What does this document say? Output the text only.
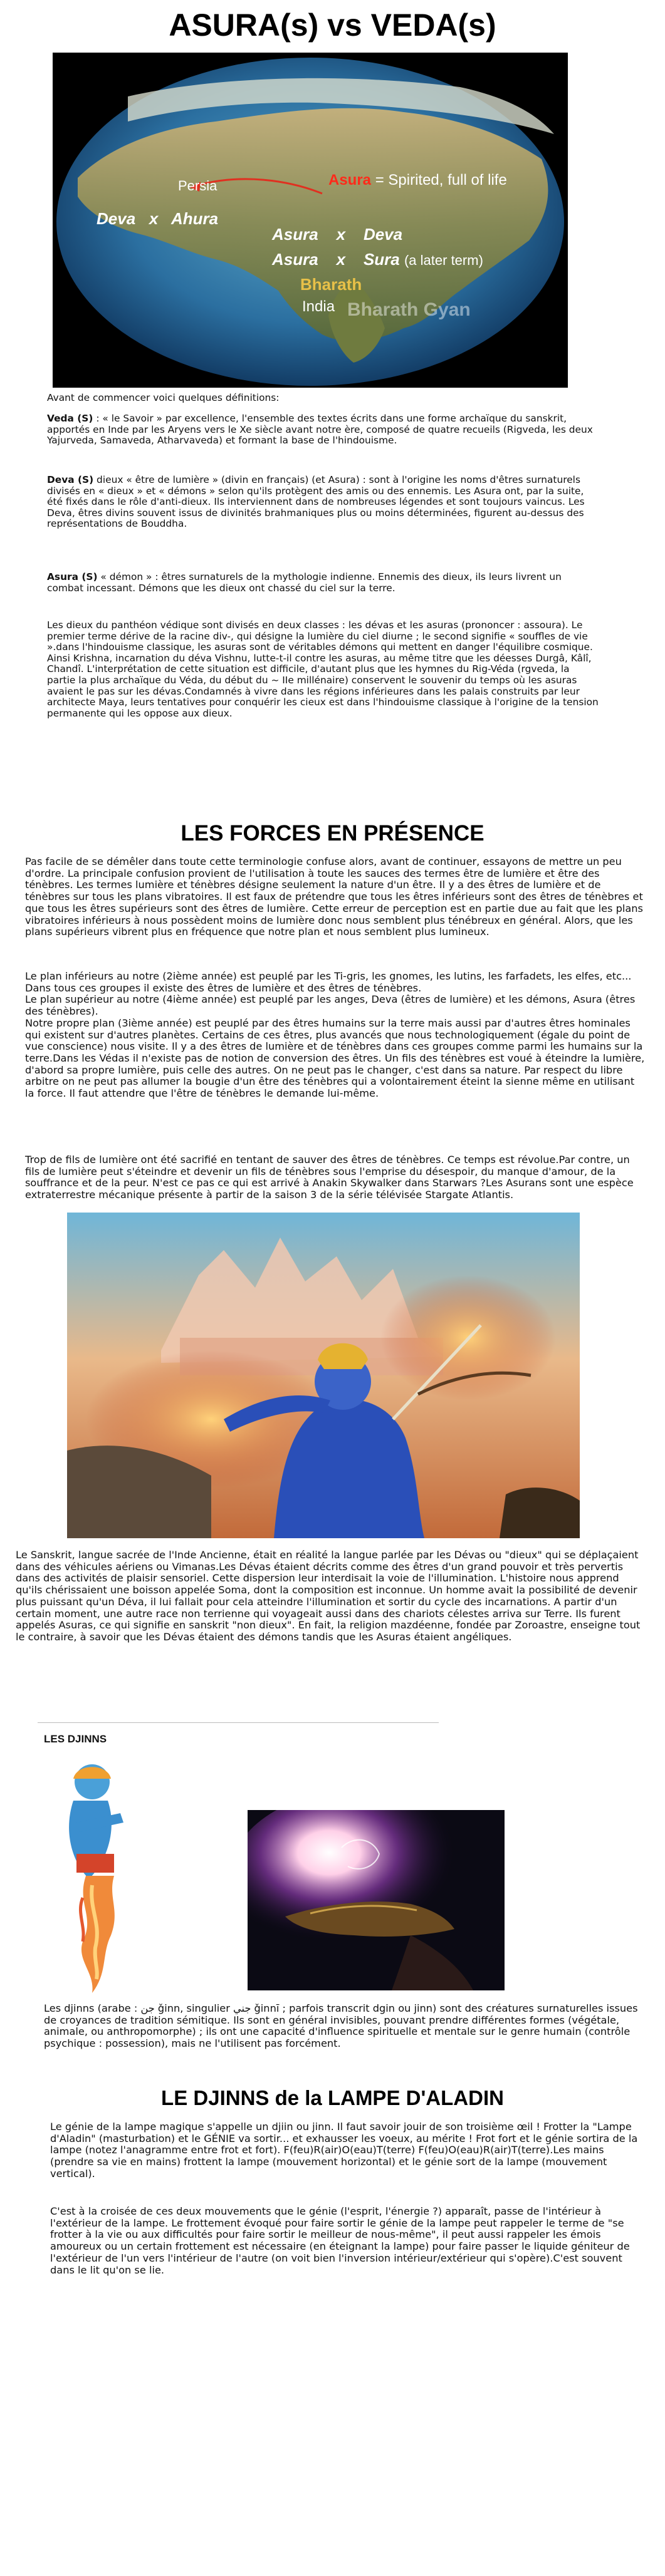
ASURA(s) vs VEDA(s)
Persia	Asura = Spirited, full of life
Deva   x   Ahura
Asura    x    Deva
Asura    x    Sura (a later term)
Bharath
India Bharath Gyan

Avant de commencer voici quelques définitions:

Veda (S) : « le Savoir » par excellence, l'ensemble des textes écrits dans une forme archaïque du sanskrit, apportés en Inde par les Aryens vers le Xe siècle avant notre ère, composé de quatre recueils (Rigveda, les deux Yajurveda, Samaveda, Atharvaveda) et formant la base de l'hindouisme.

Deva (S) dieux « être de lumière » (divin en français) (et Asura) : sont à l'origine les noms d'êtres surnaturels divisés en « dieux » et « démons » selon qu'ils protègent des amis ou des ennemis. Les Asura ont, par la suite, été fixés dans le rôle d'anti-dieux. Ils interviennent dans de nombreuses légendes et sont toujours vaincus. Les Deva, êtres divins souvent issus de divinités brahmaniques plus ou moins déterminées, figurent au-dessus des représentations de Bouddha.

Asura (S) « démon » : êtres surnaturels de la mythologie indienne. Ennemis des dieux, ils leurs livrent un combat incessant. Démons que les dieux ont chassé du ciel sur la terre.

Les dieux du panthéon védique sont divisés en deux classes : les dévas et les asuras (prononcer : assoura). Le premier terme dérive de la racine div-, qui désigne la lumière du ciel diurne ; le second signifie « souffles de vie ».dans l'hindouisme classique, les asuras sont de véritables démons qui mettent en danger l'équilibre cosmique. Ainsi Krishna, incarnation du déva Vishnu, lutte-t-il contre les asuras, au même titre que les déesses Durgâ, Kâlî, Chandî. L'interprétation de cette situation est difficile, d'autant plus que les hymnes du Rig-Véda (rgveda, la partie la plus archaïque du Véda, du début du ~ IIe millénaire) conservent le souvenir du temps où les asuras avaient le pas sur les dévas.Condamnés à vivre dans les régions inférieures dans les palais construits par leur architecte Maya, leurs tentatives pour conquérir les cieux est dans l'hindouisme classique à l'origine de la tension permanente qui les oppose aux dieux.

LES FORCES EN PRÉSENCE

Pas facile de se démêler dans toute cette terminologie confuse alors, avant de continuer, essayons de mettre un peu d'ordre. La principale confusion provient de l'utilisation à toute les sauces des termes être de lumière et être des ténèbres. Les termes lumière et ténèbres désigne seulement la nature d'un être. Il y a des êtres de lumière et de ténèbres sur tous les plans vibratoires. Il est faux de prétendre que tous les êtres inférieurs sont des êtres de ténèbres et que tous les êtres supérieurs sont des êtres de lumière. Cette erreur de perception est en partie due au fait que les plans vibratoires inférieurs à nous possèdent moins de lumière donc nous semblent plus ténébreux en général. Alors, que les plans supérieurs vibrent plus en fréquence que notre plan et nous semblent plus lumineux.

Le plan inférieurs au notre (2ième année) est peuplé par les Ti-gris, les gnomes, les lutins, les farfadets, les elfes, etc... Dans tous ces groupes il existe des êtres de lumière et des êtres de ténèbres.
Le plan supérieur au notre (4ième année) est peuplé par les anges, Deva (êtres de lumière) et les démons, Asura (êtres des ténèbres).
Notre propre plan (3ième année) est peuplé par des êtres humains sur la terre mais aussi par d'autres êtres hominales qui existent sur d'autres planètes. Certains de ces êtres, plus avancés que nous technologiquement (égale du point de vue conscience) nous visite. Il y a des êtres de lumière et de ténèbres dans ces groupes comme parmi les humains sur la terre.Dans les Védas il n'existe pas de notion de conversion des êtres. Un fils des ténèbres est voué à éteindre la lumière, d'abord sa propre lumière, puis celle des autres. On ne peut pas le changer, c'est dans sa nature. Par respect du libre arbitre on ne peut pas allumer la bougie d'un être des ténèbres qui a volontairement éteint la sienne même en utilisant la force. Il faut attendre que l'être de ténèbres le demande lui-même.

Trop de fils de lumière ont été sacrifié en tentant de sauver des êtres de ténèbres. Ce temps est révolue.Par contre, un fils de lumière peut s'éteindre et devenir un fils de ténèbres sous l'emprise du désespoir, du manque d'amour, de la souffrance et de la peur. N'est ce pas ce qui est arrivé à Anakin Skywalker dans Starwars ?Les Asurans sont une espèce extraterrestre mécanique présente à partir de la saison 3 de la série télévisée Stargate Atlantis.

Le Sanskrit, langue sacrée de l'Inde Ancienne, était en réalité la langue parlée par les Dévas ou "dieux" qui se déplaçaient dans des véhicules aériens ou Vimanas.Les Dévas étaient décrits comme des êtres d'un grand pouvoir et très pervertis dans des activités de plaisir sensoriel. Cette dispersion leur interdisait la voie de l'illumination. L'histoire nous apprend qu'ils chérissaient une boisson appelée Soma, dont la composition est inconnue. Un homme avait la possibilité de devenir plus puissant qu'un Déva, il lui fallait pour cela atteindre l'illumination et sortir du cycle des incarnations. A partir d'un certain moment, une autre race non terrienne qui voyageait aussi dans des chariots célestes arriva sur Terre. Ils furent appelés Asuras, ce qui signifie en sanskrit "non dieux". En fait, la religion mazdéenne, fondée par Zoroastre, enseigne tout le contraire, à savoir que les Dévas étaient des démons tandis que les Asuras étaient angéliques.

LES DJINNS

Les djinns (arabe : جن ǧinn, singulier جني ǧinnī ; parfois transcrit dgin ou jinn) sont des créatures surnaturelles issues de croyances de tradition sémitique. Ils sont en général invisibles, pouvant prendre différentes formes (végétale, animale, ou anthropomorphe) ; ils ont une capacité d'influence spirituelle et mentale sur le genre humain (contrôle psychique : possession), mais ne l'utilisent pas forcément.

LE DJINNS de la LAMPE D'ALADIN

Le génie de la lampe magique s'appelle un djiin ou jinn. Il faut savoir jouir de son troisième œil ! Frotter la "Lampe d'Aladin" (masturbation) et le GÉNIE va sortir... et exhausser les voeux, au mérite ! Frot fort et le génie sortira de la lampe (notez l'anagramme entre frot et fort). F(feu)R(air)O(eau)T(terre) F(feu)O(eau)R(air)T(terre).Les mains (prendre sa vie en mains) frottent la lampe (mouvement horizontal) et le génie sort de la lampe (mouvement vertical).

C'est à la croisée de ces deux mouvements que le génie (l'esprit, l'énergie ?) apparaît, passe de l'intérieur à l'extérieur de la lampe. Le frottement évoqué pour faire sortir le génie de la lampe peut rappeler le terme de "se frotter à la vie ou aux difficultés pour faire sortir le meilleur de nous-même", il peut aussi rappeler les émois amoureux ou un certain frottement est nécessaire (en éteignant la lampe) pour faire passer le liquide géniteur de l'extérieur de l'un vers l'intérieur de l'autre (on voit bien l'inversion intérieur/extérieur qui s'opère).C'est souvent dans le lit qu'on se lie.
